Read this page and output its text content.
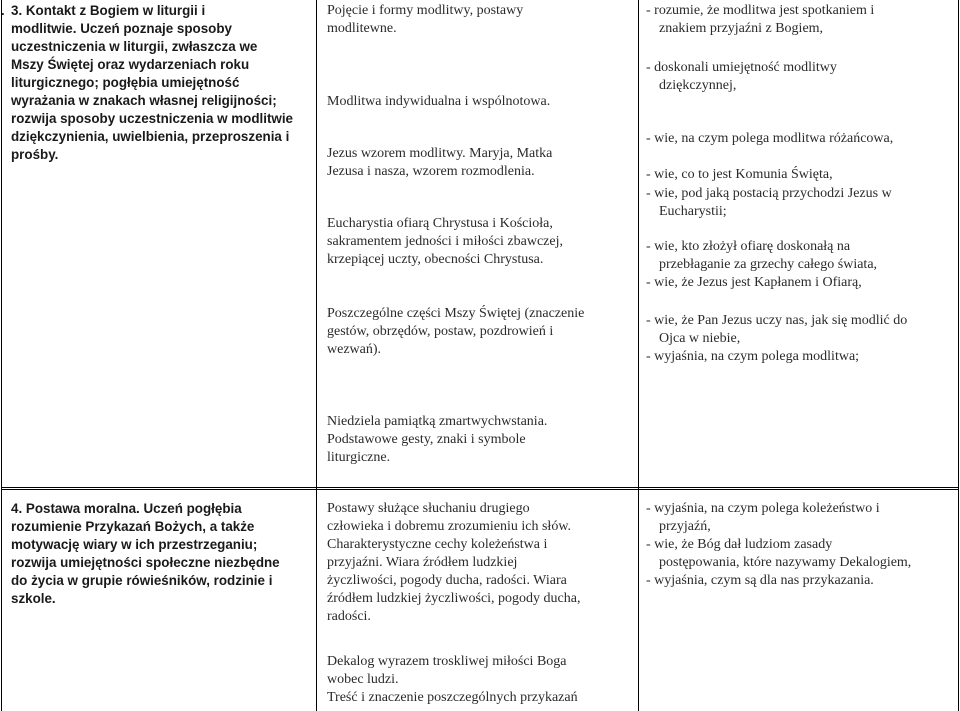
. 3. Kontakt z Bogiem w liturgii i
modlitwie. Uczeń poznaje sposoby
uczestniczenia w liturgii, zwłaszcza we
Mszy Świętej oraz wydarzeniach roku
liturgicznego; pogłębia umiejętność
wyrażania w znakach własnej religijności;
rozwija sposoby uczestniczenia w modlitwie
dziękczynienia, uwielbienia, przeproszenia i
prośby.
Pojęcie i formy modlitwy, postawy
modlitewne.
Modlitwa indywidualna i wspólnotowa.
Jezus wzorem modlitwy. Maryja, Matka
Jezusa i nasza, wzorem rozmodlenia.
Eucharystia ofiarą Chrystusa i Kościoła,
sakramentem jedności i miłości zbawczej,
krzepiącej uczty, obecności Chrystusa.
Poszczególne części Mszy Świętej (znaczenie
gestów, obrzędów, postaw, pozdrowień i
wezwań).
Niedziela pamiątką zmartwychwstania.
Podstawowe gesty, znaki i symbole
liturgiczne.
- rozumie, że modlitwa jest spotkaniem i
znakiem przyjaźni z Bogiem,
- doskonali umiejętność modlitwy
dziękczynnej,
- wie, na czym polega modlitwa różańcowa,
- wie, co to jest Komunia Święta,
- wie, pod jaką postacią przychodzi Jezus w
Eucharystii;
- wie, kto złożył ofiarę doskonałą na
przebłaganie za grzechy całego świata,
- wie, że Jezus jest Kapłanem i Ofiarą,
- wie, że Pan Jezus uczy nas, jak się modlić do
Ojca w niebie,
- wyjaśnia, na czym polega modlitwa;
4. Postawa moralna. Uczeń pogłębia
rozumienie Przykazań Bożych, a także
motywację wiary w ich przestrzeganiu;
rozwija umiejętności społeczne niezbędne
do życia w grupie rówieśników, rodzinie i
szkole.
Postawy służące słuchaniu drugiego
człowieka i dobremu zrozumieniu ich słów.
Charakterystyczne cechy koleżeństwa i
przyjaźni. Wiara źródłem ludzkiej
życzliwości, pogody ducha, radości. Wiara
źródłem ludzkiej życzliwości, pogody ducha,
radości.
Dekalog wyrazem troskliwej miłości Boga
wobec ludzi.
Treść i znaczenie poszczególnych przykazań
- wyjaśnia, na czym polega koleżeństwo i
przyjaźń,
- wie, że Bóg dał ludziom zasady
postępowania, które nazywamy Dekalogiem,
- wyjaśnia, czym są dla nas przykazania.
